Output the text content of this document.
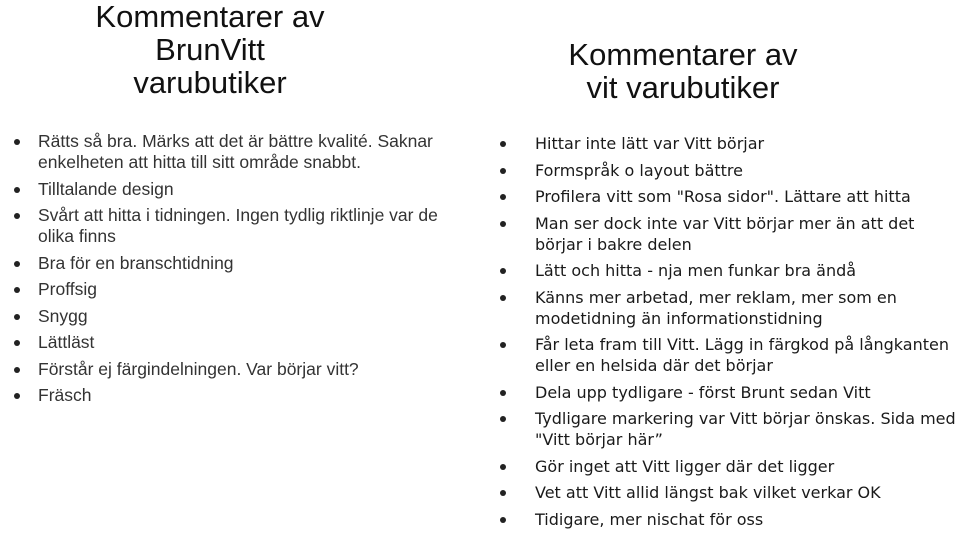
Kommentarer av
BrunVitt
varubutiker
Rätts så bra. Märks att det är bättre kvalité. Saknar enkelheten att hitta till sitt område snabbt.
Tilltalande design
Svårt att hitta i tidningen. Ingen tydlig riktlinje var de olika finns
Bra för en branschtidning
Proffsig
Snygg
Lättläst
Förstår ej färgindelningen. Var börjar vitt?
Fräsch
Kommentarer av
vit varubutiker
Hittar inte lätt var Vitt börjar
Formspråk o layout bättre
Profilera vitt som "Rosa sidor". Lättare att hitta
Man ser dock inte var Vitt börjar mer än att det börjar i bakre delen
Lätt och hitta - nja men funkar bra ändå
Känns mer arbetad, mer reklam, mer som en modetidning än informationstidning
Får leta fram till Vitt. Lägg in färgkod på långkanten eller en helsida där det börjar
Dela upp tydligare - först Brunt sedan Vitt
Tydligare markering var Vitt börjar önskas. Sida med "Vitt börjar här”
Gör inget att Vitt ligger där det ligger
Vet att Vitt allid längst bak vilket verkar OK
Tidigare, mer nischat för oss
